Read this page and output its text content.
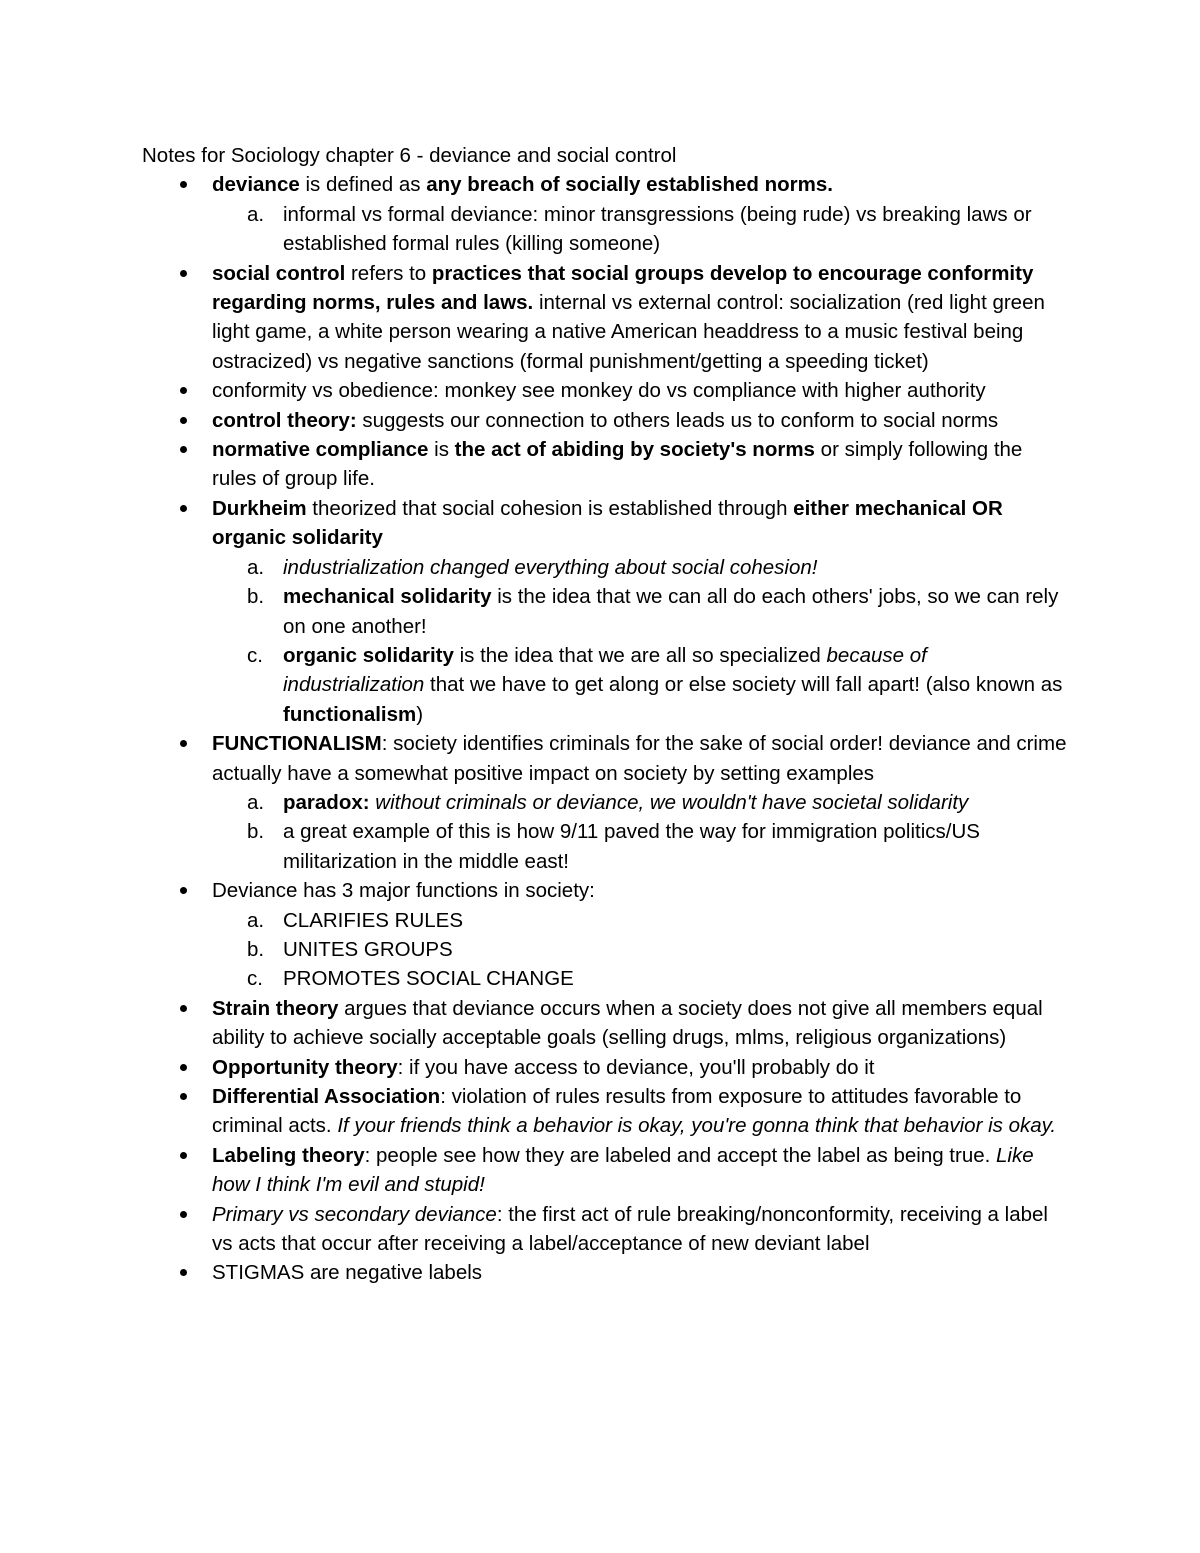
Notes for Sociology chapter 6 - deviance and social control

deviance is defined as any breach of socially established norms.
a. informal vs formal deviance: minor transgressions (being rude) vs breaking laws or established formal rules (killing someone)
social control refers to practices that social groups develop to encourage conformity regarding norms, rules and laws. internal vs external control: socialization (red light green light game, a white person wearing a native American headdress to a music festival being ostracized) vs negative sanctions (formal punishment/getting a speeding ticket)
conformity vs obedience: monkey see monkey do vs compliance with higher authority
control theory: suggests our connection to others leads us to conform to social norms
normative compliance is the act of abiding by society's norms or simply following the rules of group life.
Durkheim theorized that social cohesion is established through either mechanical OR organic solidarity
a. industrialization changed everything about social cohesion!
b. mechanical solidarity is the idea that we can all do each others' jobs, so we can rely on one another!
c. organic solidarity is the idea that we are all so specialized because of industrialization that we have to get along or else society will fall apart! (also known as functionalism)
FUNCTIONALISM: society identifies criminals for the sake of social order! deviance and crime actually have a somewhat positive impact on society by setting examples
a. paradox: without criminals or deviance, we wouldn't have societal solidarity
b. a great example of this is how 9/11 paved the way for immigration politics/US militarization in the middle east!
Deviance has 3 major functions in society:
a. CLARIFIES RULES
b. UNITES GROUPS
c. PROMOTES SOCIAL CHANGE
Strain theory argues that deviance occurs when a society does not give all members equal ability to achieve socially acceptable goals (selling drugs, mlms, religious organizations)
Opportunity theory: if you have access to deviance, you'll probably do it
Differential Association: violation of rules results from exposure to attitudes favorable to criminal acts. If your friends think a behavior is okay, you're gonna think that behavior is okay.
Labeling theory: people see how they are labeled and accept the label as being true. Like how I think I'm evil and stupid!
Primary vs secondary deviance: the first act of rule breaking/nonconformity, receiving a label vs acts that occur after receiving a label/acceptance of new deviant label
STIGMAS are negative labels
